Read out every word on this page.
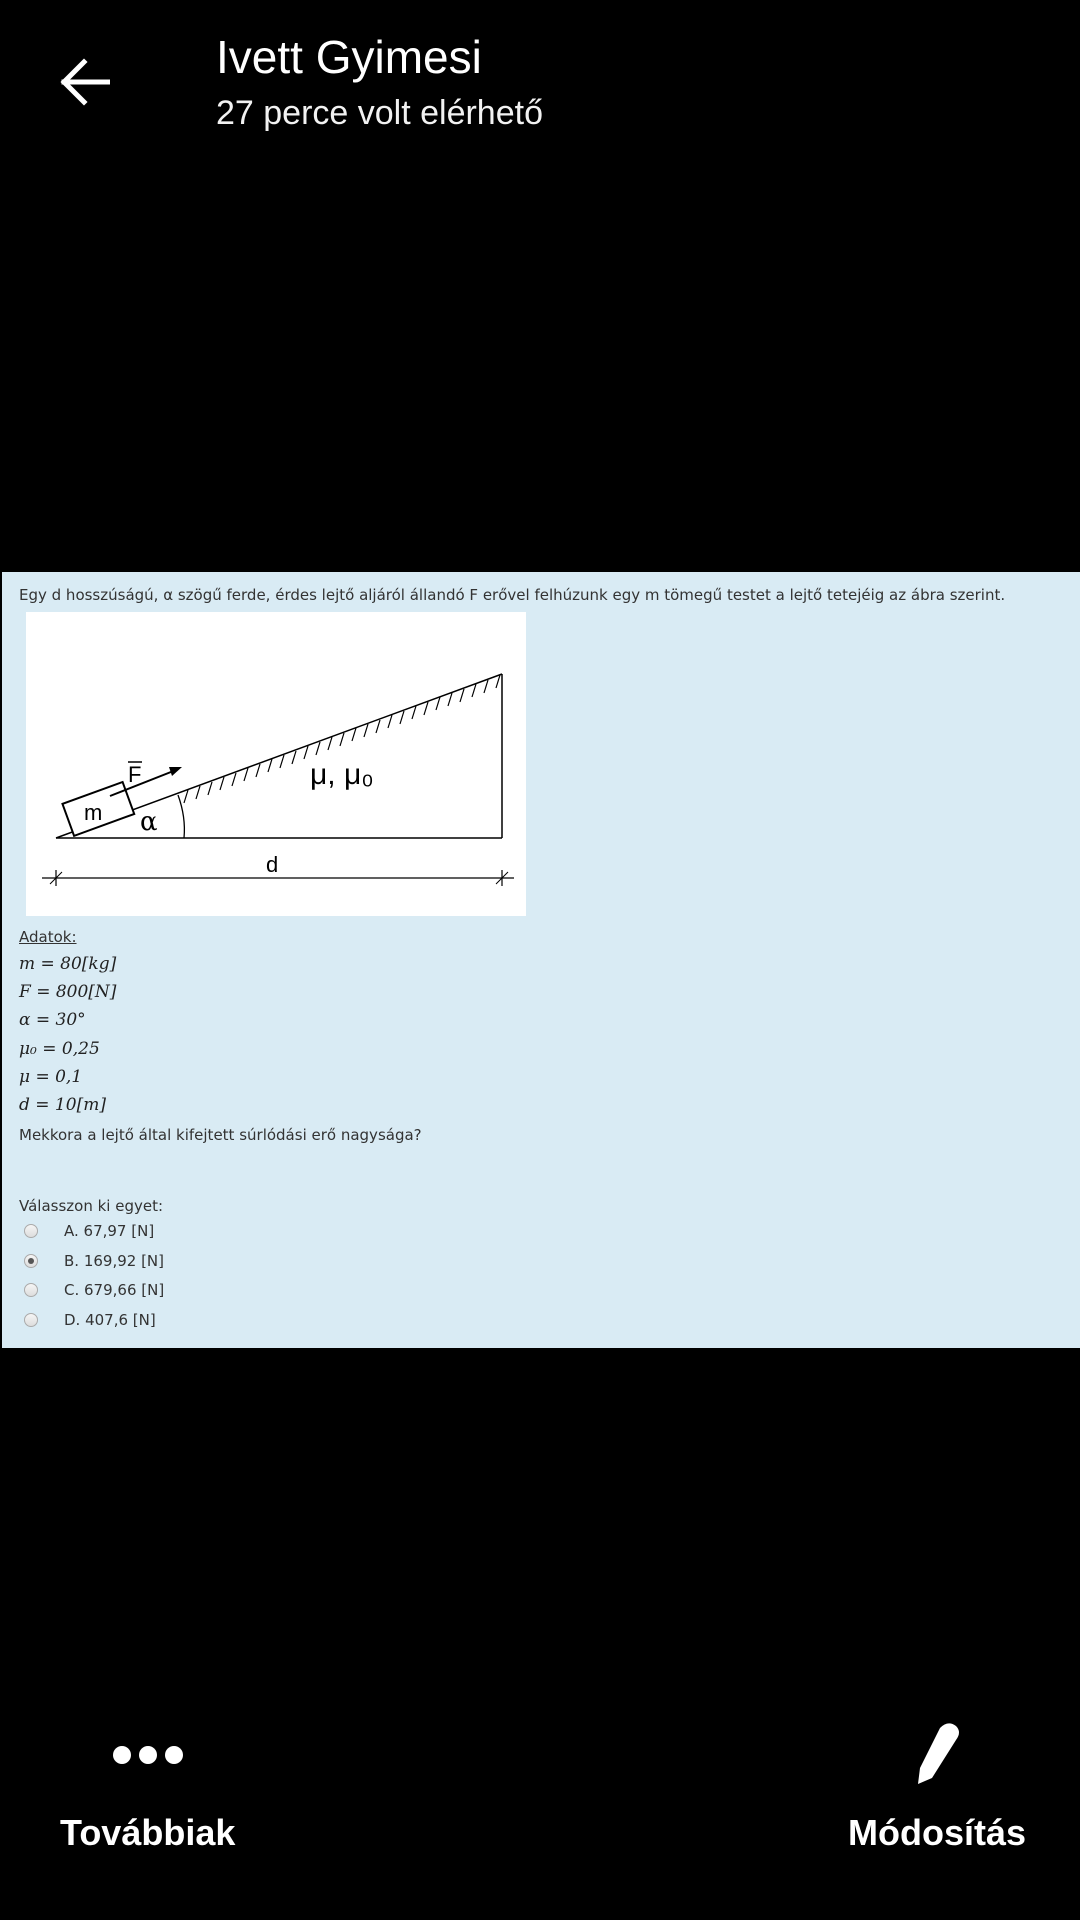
Ivett Gyimesi
27 perce volt elérhető
Egy d hosszúságú, α szögű ferde, érdes lejtő aljáról állandó F erővel felhúzunk egy m tömegű testet a lejtő tetejéig az ábra szerint.
m
F
α
μ, μ₀
d
Adatok:
m = 80[kg]
F = 800[N]
α = 30°
μ₀ = 0,25
μ = 0,1
d = 10[m]
Mekkora a lejtő által kifejtett súrlódási erő nagysága?
Válasszon ki egyet:
A. 67,97 [N]
B. 169,92 [N]
C. 679,66 [N]
D. 407,6 [N]
Továbbiak	Módosítás
